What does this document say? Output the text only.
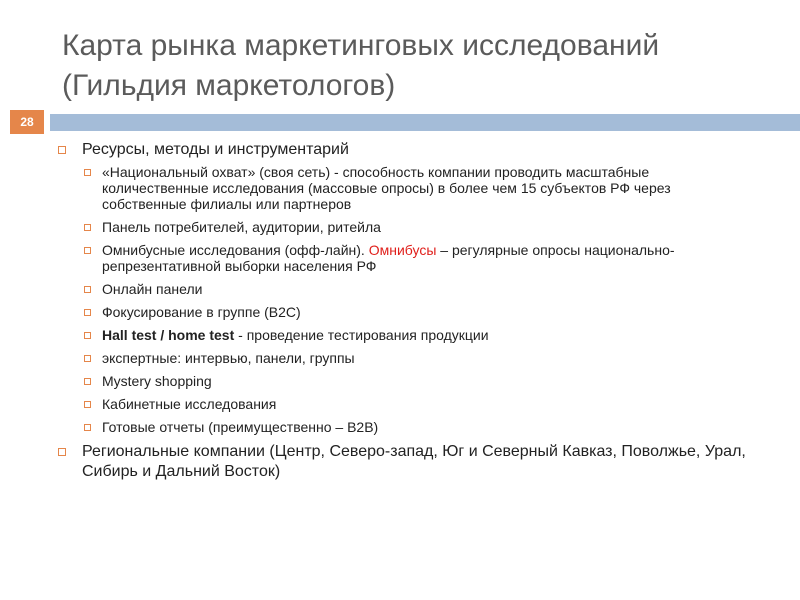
Карта рынка маркетинговых исследований
(Гильдия маркетологов)
28
Ресурсы, методы и инструментарий
«Национальный охват» (своя сеть) - способность компании проводить масштабные количественные исследования (массовые опросы) в более чем 15 субъектов РФ через собственные филиалы или партнеров
Панель потребителей, аудитории, ритейла
Омнибусные исследования (офф-лайн). Омнибусы – регулярные опросы национально-репрезентативной выборки населения РФ
Онлайн панели
Фокусирование в группе (B2C)
Hall test / home test - проведение тестирования продукции
экспертные: интервью, панели, группы
Mystery shopping
Кабинетные исследования
Готовые отчеты (преимущественно – B2B)
Региональные компании (Центр, Северо-запад, Юг и Северный Кавказ, Поволжье, Урал, Сибирь и Дальний Восток)
